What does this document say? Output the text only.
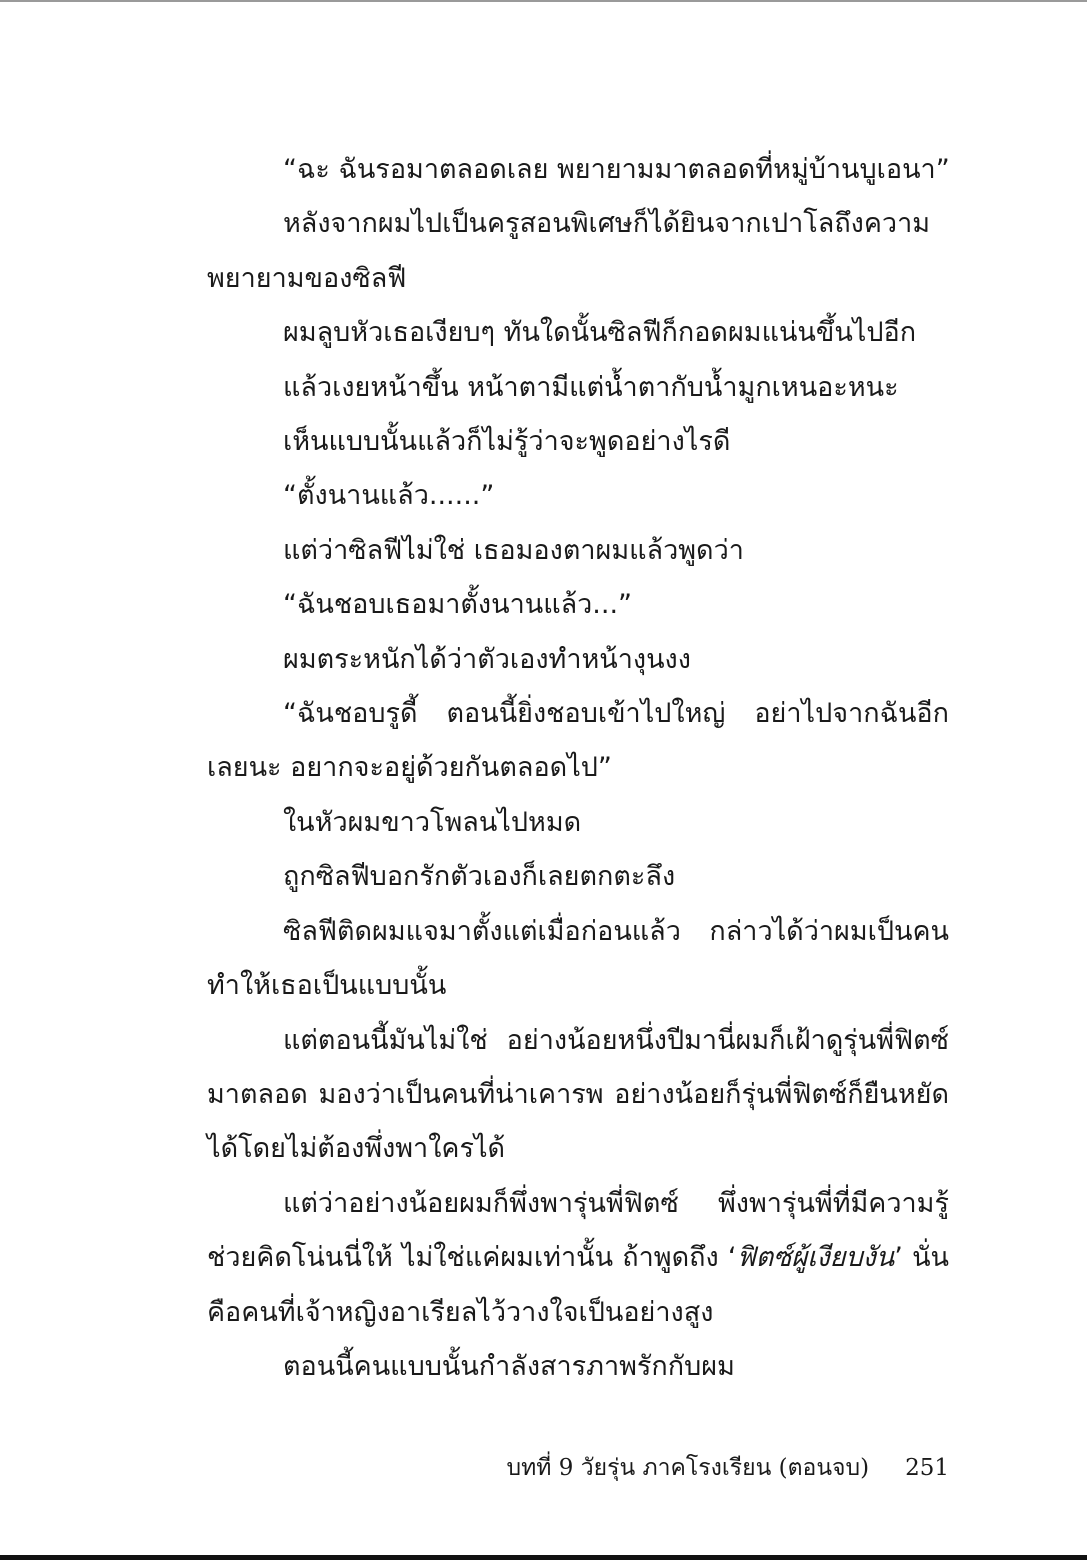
“ฉะ ฉันรอมาตลอดเลย พยายามมาตลอดที่หมู่บ้านบูเอนา”

หลังจากผมไปเป็นครูสอนพิเศษก็ได้ยินจากเปาโลถึงความพยายามของซิลฟี

ผมลูบหัวเธอเงียบๆ ทันใดนั้นซิลฟีก็กอดผมแน่นขึ้นไปอีก

แล้วเงยหน้าขึ้น หน้าตามีแต่น้ำตากับน้ำมูกเหนอะหนะ

เห็นแบบนั้นแล้วก็ไม่รู้ว่าจะพูดอย่างไรดี

“ตั้งนานแล้ว......”

แต่ว่าซิลฟีไม่ใช่ เธอมองตาผมแล้วพูดว่า

“ฉันชอบเธอมาตั้งนานแล้ว...”

ผมตระหนักได้ว่าตัวเองทำหน้างุนงง

“ฉันชอบรูดี้ ตอนนี้ยิ่งชอบเข้าไปใหญ่ อย่าไปจากฉันอีกเลยนะ อยากจะอยู่ด้วยกันตลอดไป”

ในหัวผมขาวโพลนไปหมด

ถูกซิลฟีบอกรักตัวเองก็เลยตกตะลึง

ซิลฟีติดผมแจมาตั้งแต่เมื่อก่อนแล้ว กล่าวได้ว่าผมเป็นคนทำให้เธอเป็นแบบนั้น

แต่ตอนนี้มันไม่ใช่ อย่างน้อยหนึ่งปีมานี่ผมก็เฝ้าดูรุ่นพี่ฟิตซ์มาตลอด มองว่าเป็นคนที่น่าเคารพ อย่างน้อยก็รุ่นพี่ฟิตซ์ก็ยืนหยัดได้โดยไม่ต้องพึ่งพาใครได้

แต่ว่าอย่างน้อยผมก็พึ่งพารุ่นพี่ฟิตซ์ พึ่งพารุ่นพี่ที่มีความรู้ช่วยคิดโน่นนี่ให้ ไม่ใช่แค่ผมเท่านั้น ถ้าพูดถึง ‘ฟิตซ์ผู้เงียบงัน’ นั่นคือคนที่เจ้าหญิงอาเรียลไว้วางใจเป็นอย่างสูง

ตอนนี้คนแบบนั้นกำลังสารภาพรักกับผม

บทที่ 9 วัยรุ่น ภาคโรงเรียน (ตอนจบ) 251
